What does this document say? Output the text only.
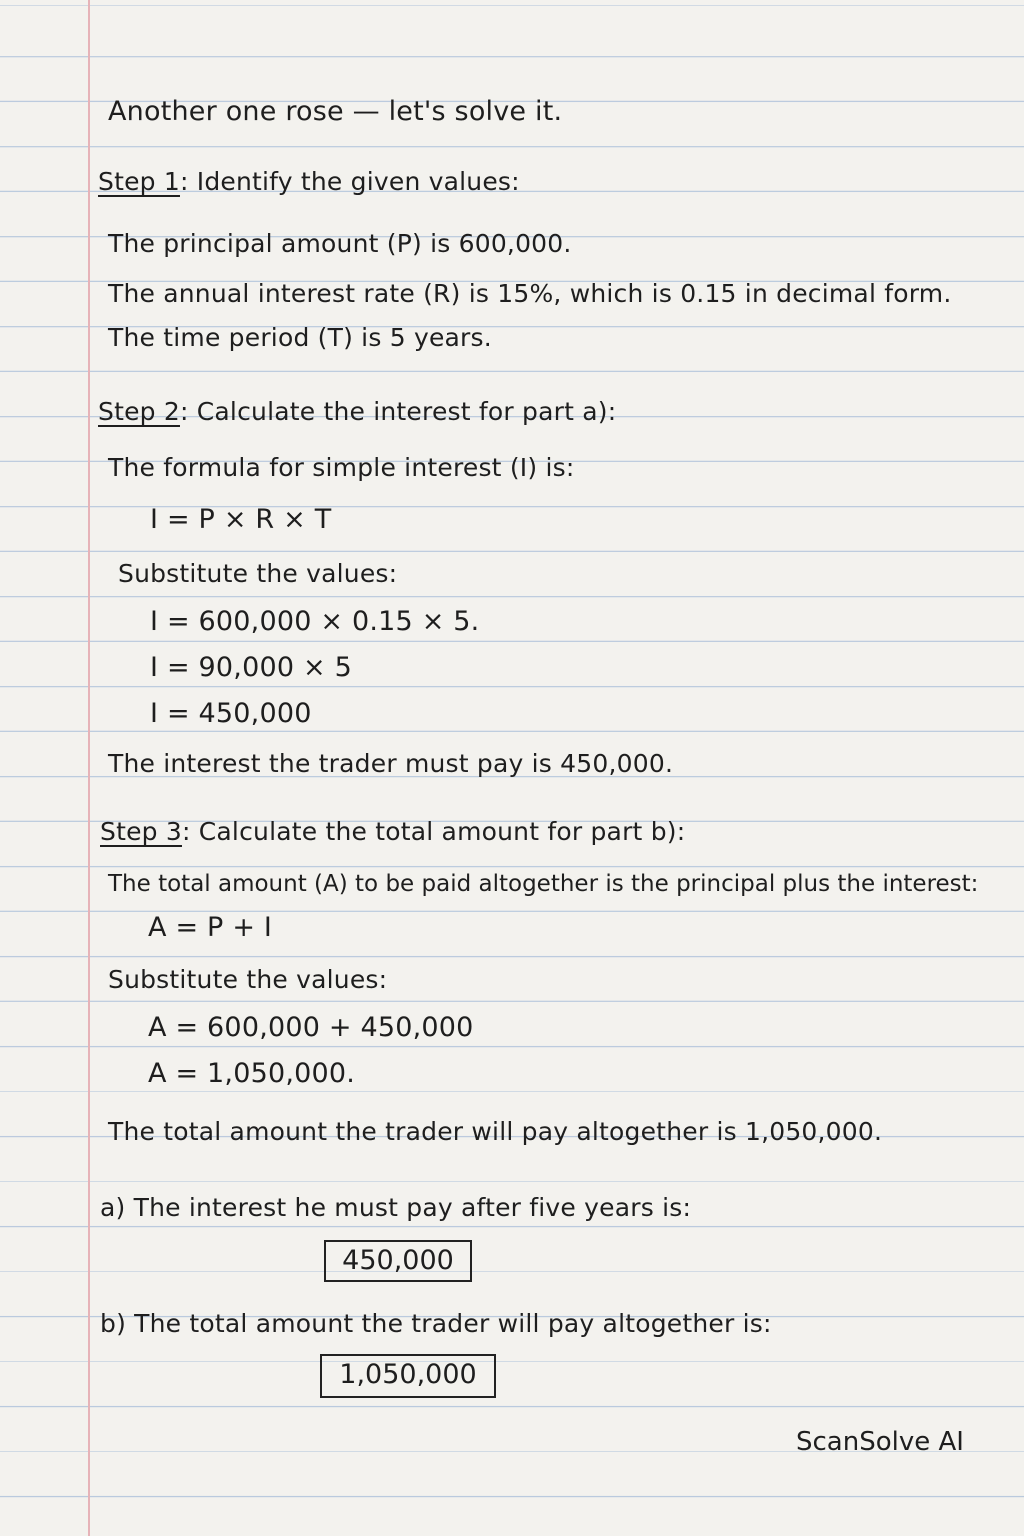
Another one rose — let's solve it.
Step 1: Identify the given values:
The principal amount (P) is 600,000.
The annual interest rate (R) is 15%, which is 0.15 in decimal form.
The time period (T) is 5 years.
Step 2: Calculate the interest for part a):
The formula for simple interest (I) is:
I = P × R × T
Substitute the values:
I = 600,000 × 0.15 × 5.
I = 90,000 × 5
I = 450,000
The interest the trader must pay is 450,000.
Step 3: Calculate the total amount for part b):
The total amount (A) to be paid altogether is the principal plus the interest:
A = P + I
Substitute the values:
A = 600,000 + 450,000
A = 1,050,000.
The total amount the trader will pay altogether is 1,050,000.
a) The interest he must pay after five years is:
450,000
b) The total amount the trader will pay altogether is:
1,050,000
ScanSolve AI
